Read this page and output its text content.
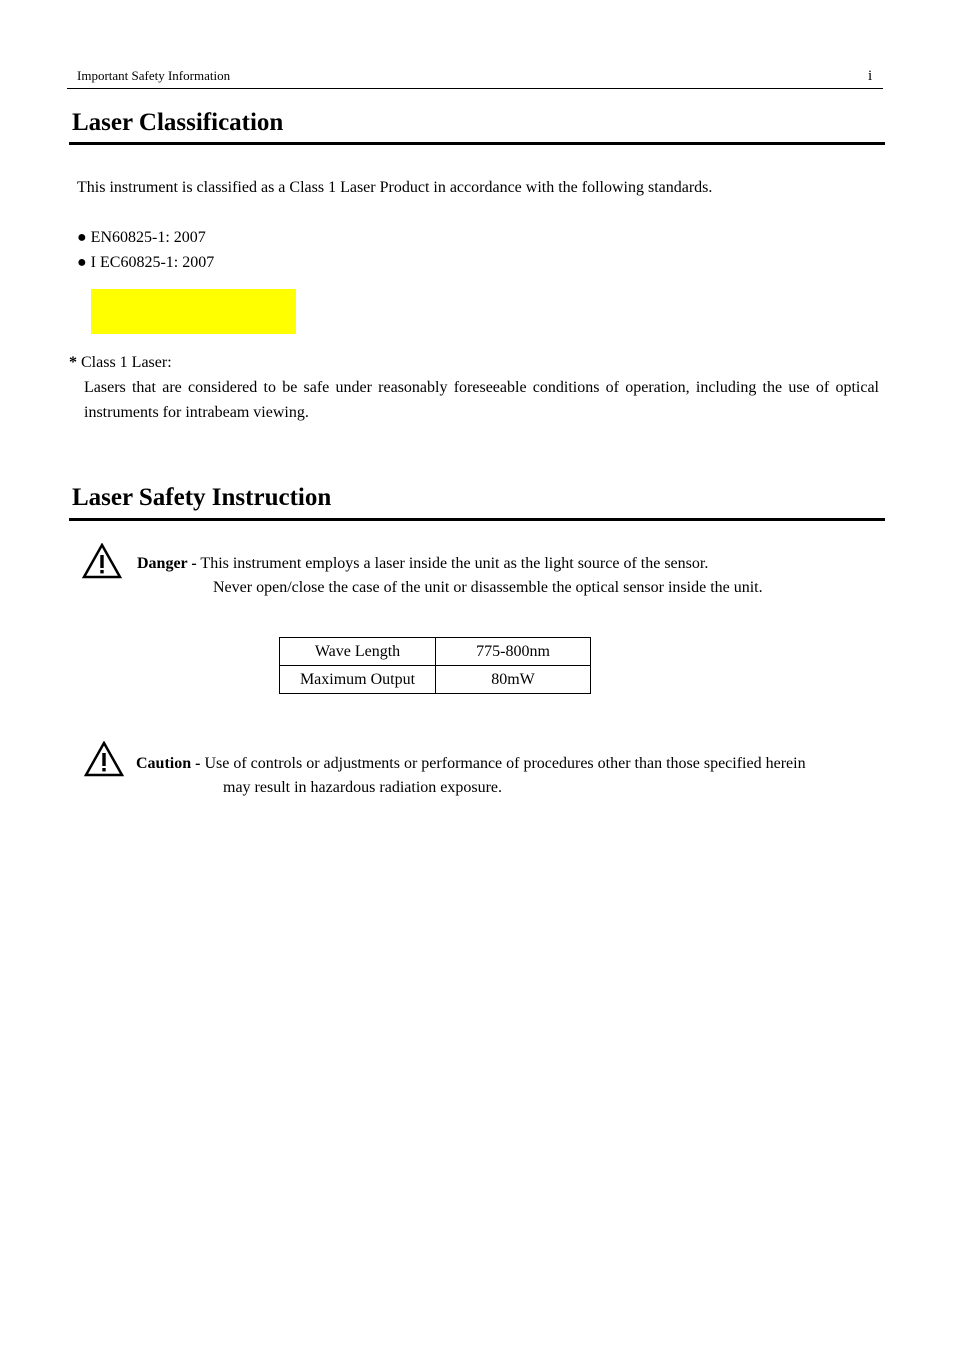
Important Safety Information	i
Laser Classification
This instrument is classified as a Class 1 Laser Product in accordance with the following standards.
● EN60825-1: 2007
● I EC60825-1: 2007
* Class 1 Laser:
Lasers that are considered to be safe under reasonably foreseeable conditions of operation, including the use of optical instruments for intrabeam viewing.
Laser Safety Instruction
Danger - This instrument employs a laser inside the unit as the light source of the sensor.
Never open/close the case of the unit or disassemble the optical sensor inside the unit.
Wave Length	775-800nm
Maximum Output	80mW
Caution - Use of controls or adjustments or performance of procedures other than those specified herein
may result in hazardous radiation exposure.
